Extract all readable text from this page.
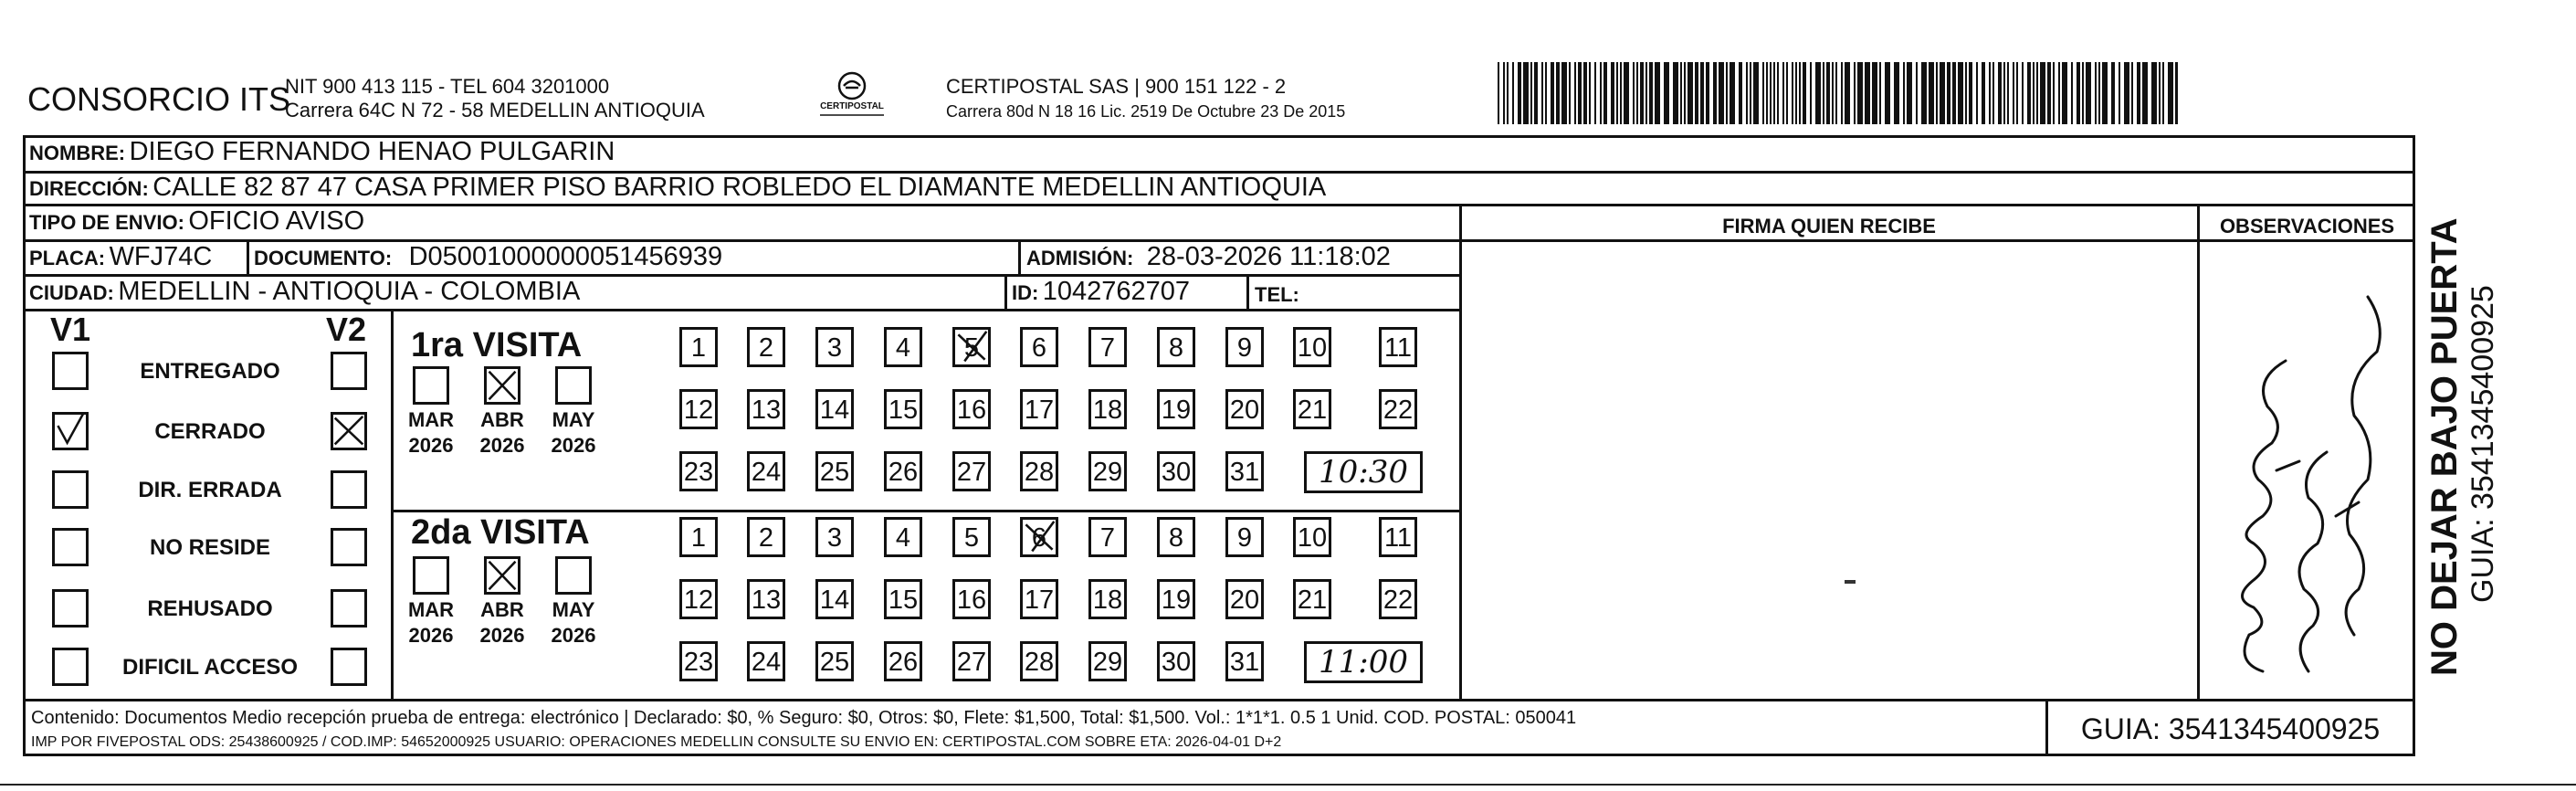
CONSORCIO ITS
NIT 900 413 115 - TEL 604 3201000
Carrera 64C N 72 - 58 MEDELLIN ANTIOQUIA	CERTIPOSTAL
CERTIPOSTAL SAS | 900 151 122 - 2
Carrera 80d N 18 16 Lic. 2519 De Octubre 23 De 2015
NOMBRE: DIEGO FERNANDO HENAO PULGARIN
DIRECCIÓN: CALLE 82 87 47 CASA PRIMER PISO BARRIO ROBLEDO EL DIAMANTE MEDELLIN ANTIOQUIA
TIPO DE ENVIO: OFICIO AVISO
PLACA: WFJ74C DOCUMENTO: D05001000000051456939	ADMISIÓN: 28-03-2026 11:18:02
CIUDAD: MEDELLIN - ANTIOQUIA - COLOMBIA	ID: 1042762707	TEL:
FIRMA QUIEN RECIBE	OBSERVACIONES
V1	V2
ENTREGADO
CERRADO
DIR. ERRADA
NO RESIDE
REHUSADO
DIFICIL ACCESO
1ra VISITA
2da VISITA
MAR
2026
ABR
2026
MAY
2026
1	2	3	4	5	6	7	8	9	10 11
12 13 14 15 16 17 18 19 20 21 22
23 24 25 26 27 28 29 30 31	10:30
MAR
2026
ABR
2026
MAY
2026
1	2	3	4	5	6	7	8	9	10 11
12 13 14 15 16 17 18 19 20 21 22
23 24 25 26 27 28 29 30 31	11:00
Contenido: Documentos Medio recepción prueba de entrega: electrónico | Declarado: $0, % Seguro: $0, Otros: $0, Flete: $1,500, Total: $1,500. Vol.: 1*1*1. 0.5 1 Unid. COD. POSTAL: 050041
IMP POR FIVEPOSTAL ODS: 25438600925 / COD.IMP: 54652000925 USUARIO: OPERACIONES MEDELLIN CONSULTE SU ENVIO EN: CERTIPOSTAL.COM SOBRE ETA: 2026-04-01 D+2	GUIA: 3541345400925
NO DEJAR BAJO PUERTA GUIA: 3541345400925
